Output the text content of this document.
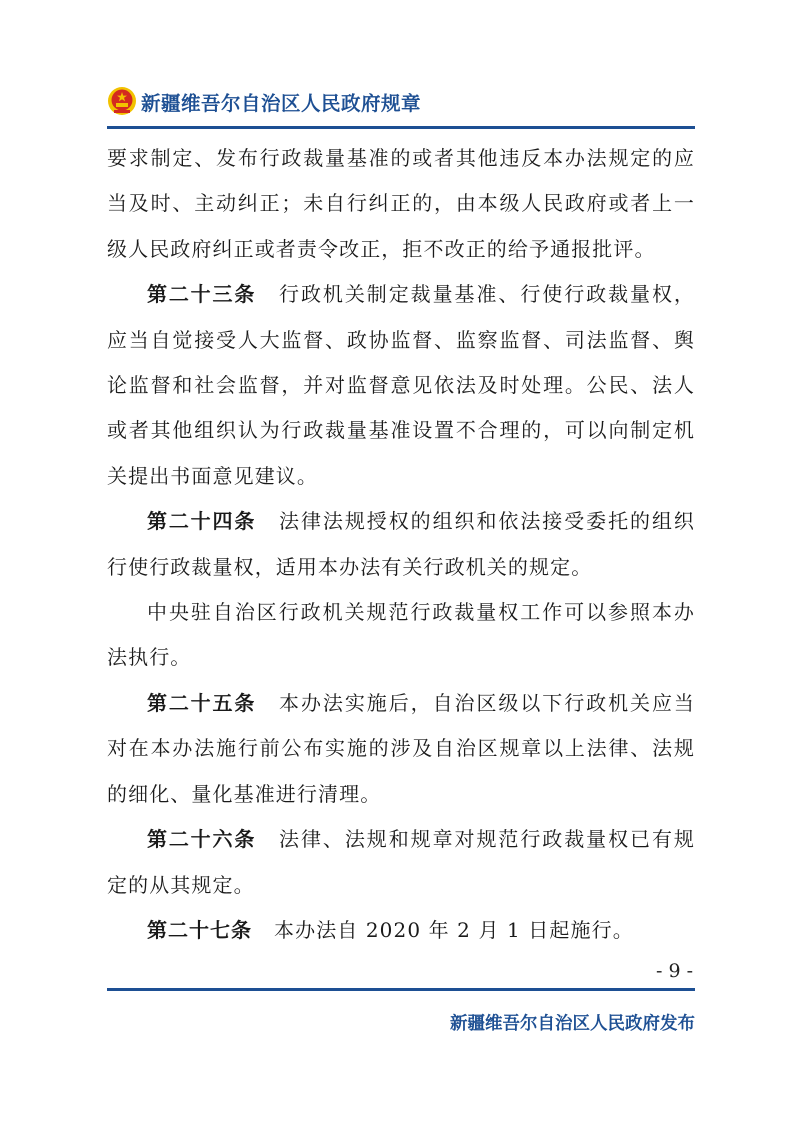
新疆维吾尔自治区人民政府规章

要求制定、发布行政裁量基准的或者其他违反本办法规定的应当及时、主动纠正；未自行纠正的，由本级人民政府或者上一级人民政府纠正或者责令改正，拒不改正的给予通报批评。

第二十三条 行政机关制定裁量基准、行使行政裁量权，应当自觉接受人大监督、政协监督、监察监督、司法监督、舆论监督和社会监督，并对监督意见依法及时处理。公民、法人或者其他组织认为行政裁量基准设置不合理的，可以向制定机关提出书面意见建议。

第二十四条 法律法规授权的组织和依法接受委托的组织行使行政裁量权，适用本办法有关行政机关的规定。

中央驻自治区行政机关规范行政裁量权工作可以参照本办法执行。

第二十五条 本办法实施后，自治区级以下行政机关应当对在本办法施行前公布实施的涉及自治区规章以上法律、法规的细化、量化基准进行清理。

第二十六条 法律、法规和规章对规范行政裁量权已有规定的从其规定。

第二十七条 本办法自 2020 年 2 月 1 日起施行。

- 9 -
新疆维吾尔自治区人民政府发布
